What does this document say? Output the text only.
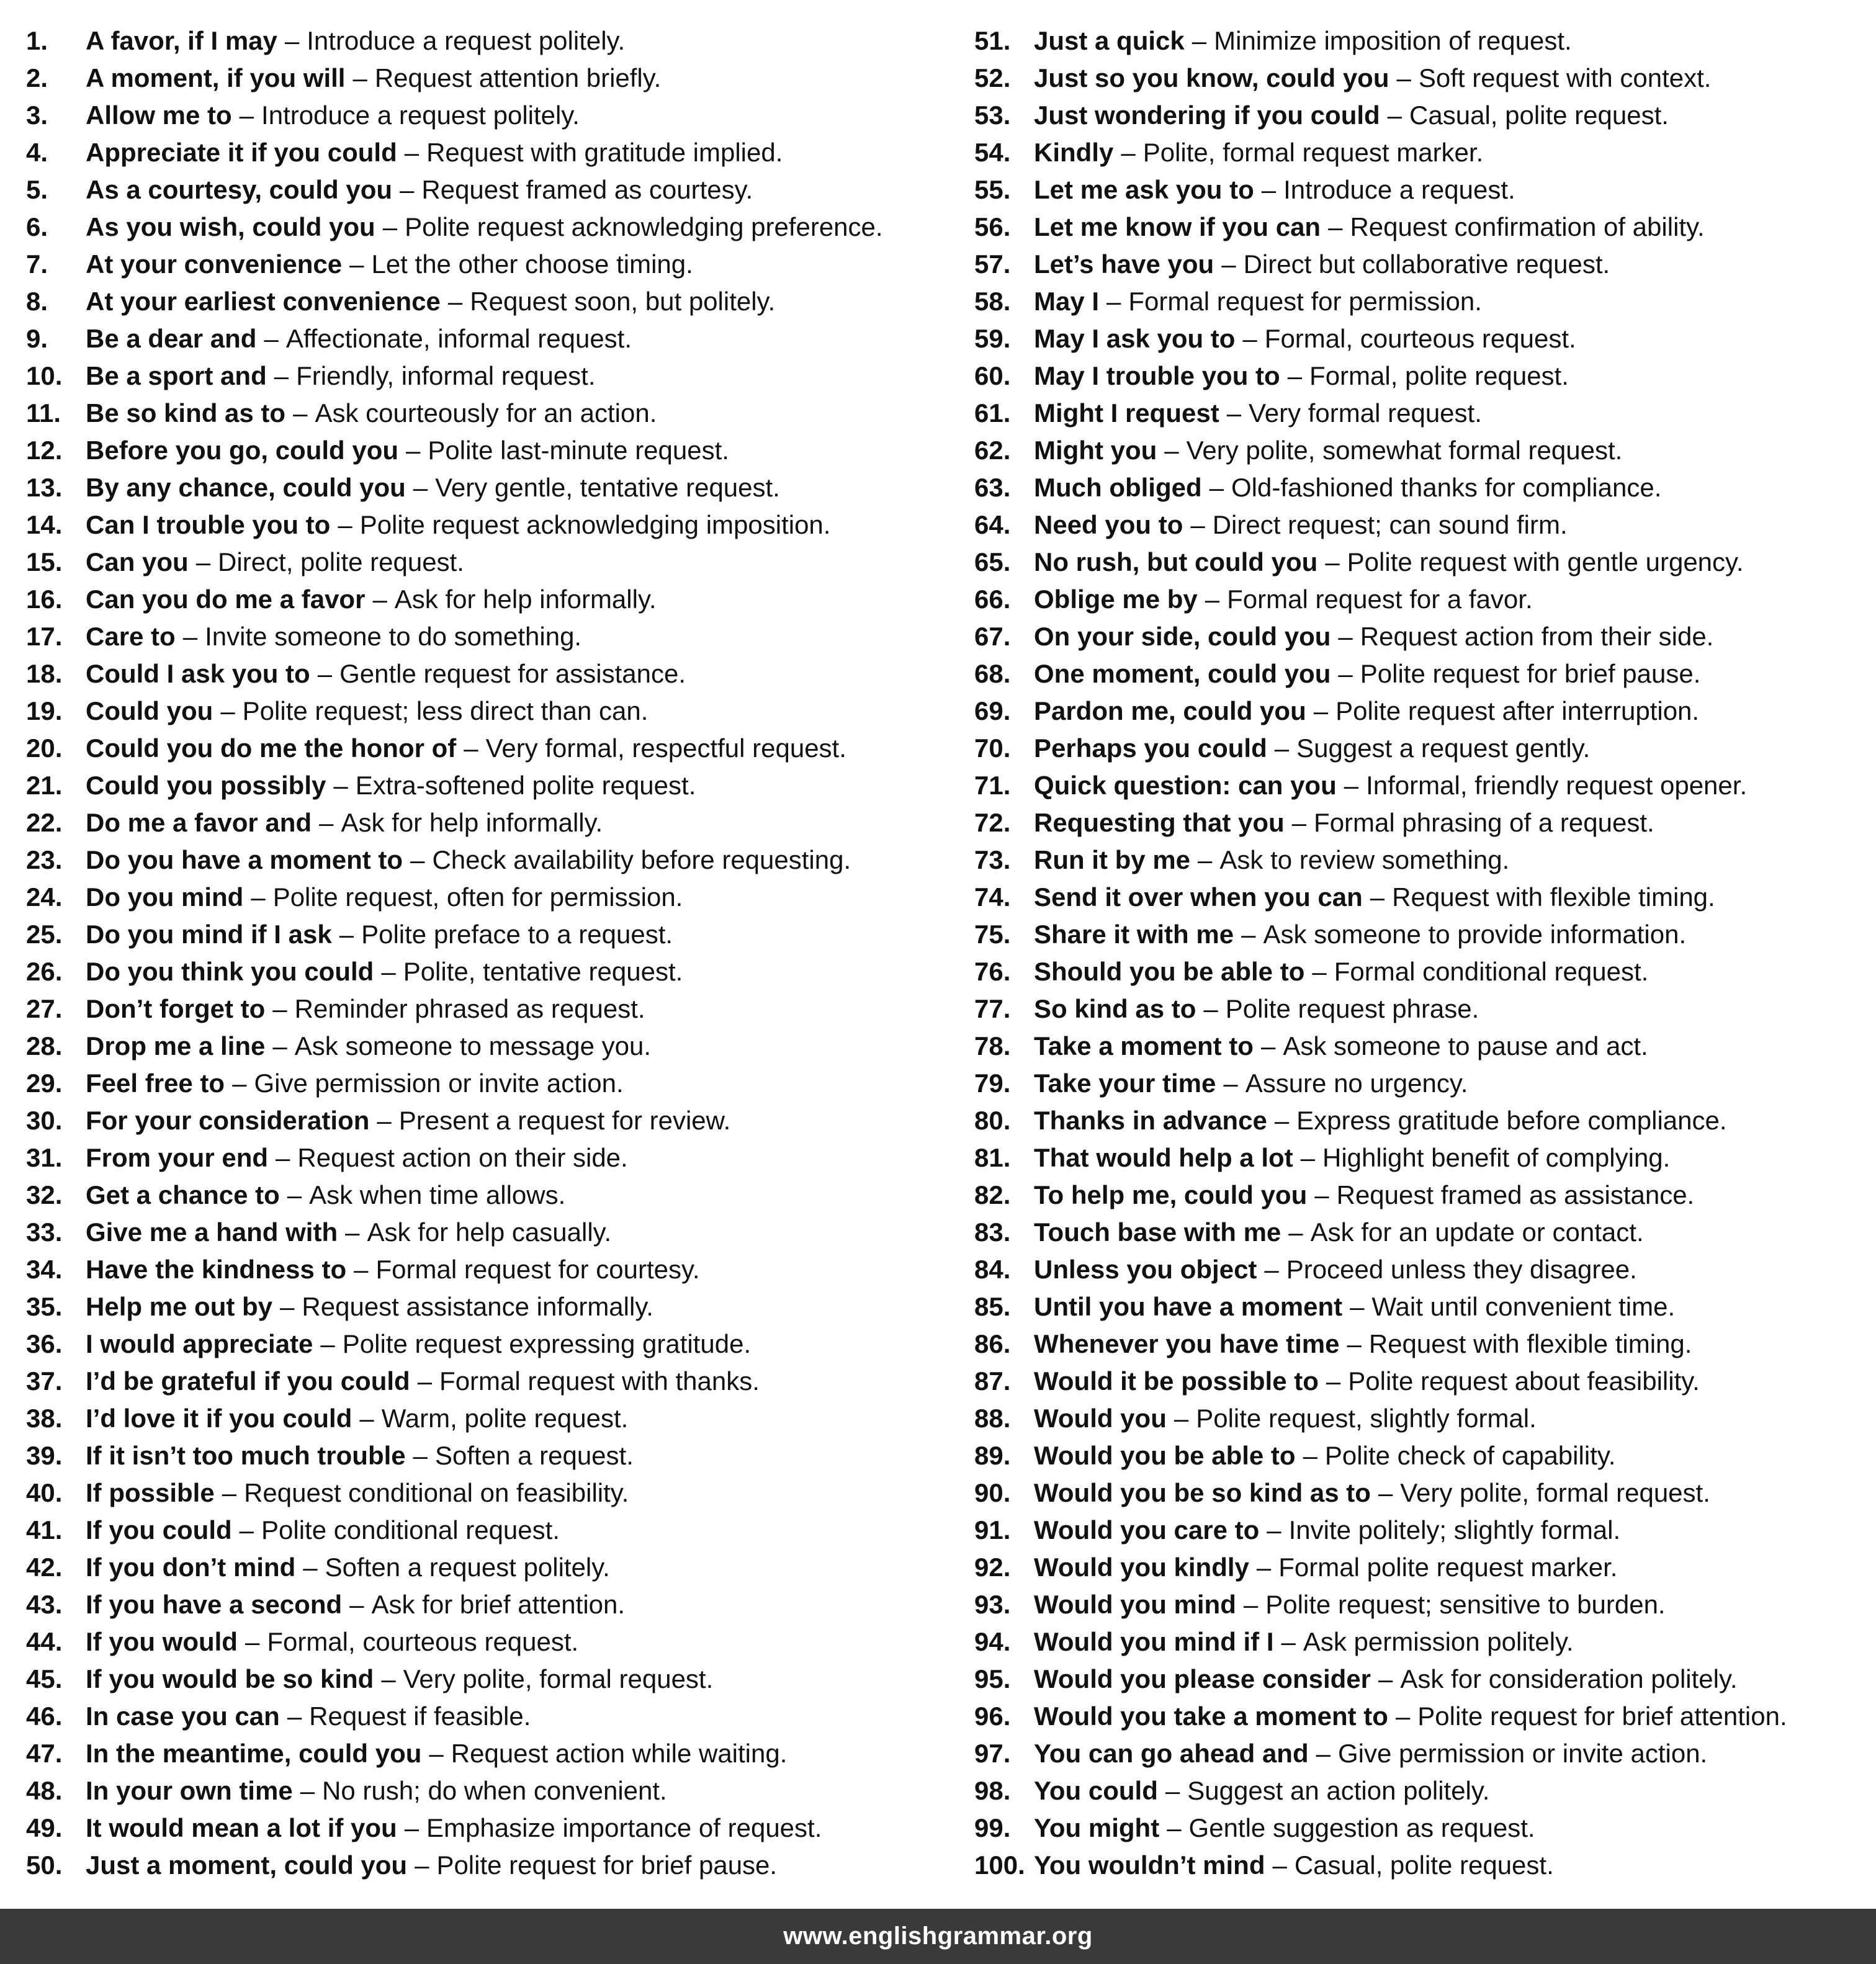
1.	A favor, if I may – Introduce a request politely.
2.	A moment, if you will – Request attention briefly.
3.	Allow me to – Introduce a request politely.
4.	Appreciate it if you could – Request with gratitude implied.
5.	As a courtesy, could you – Request framed as courtesy.
6.	As you wish, could you – Polite request acknowledging preference.
7.	At your convenience – Let the other choose timing.
8.	At your earliest convenience – Request soon, but politely.
9.	Be a dear and – Affectionate, informal request.
10. Be a sport and – Friendly, informal request.
11. Be so kind as to – Ask courteously for an action.
12. Before you go, could you – Polite last-minute request.
13. By any chance, could you – Very gentle, tentative request.
14. Can I trouble you to – Polite request acknowledging imposition.
15. Can you – Direct, polite request.
16. Can you do me a favor – Ask for help informally.
17. Care to – Invite someone to do something.
18. Could I ask you to – Gentle request for assistance.
19. Could you – Polite request; less direct than can.
20. Could you do me the honor of – Very formal, respectful request.
21. Could you possibly – Extra-softened polite request.
22. Do me a favor and – Ask for help informally.
23. Do you have a moment to – Check availability before requesting.
24. Do you mind – Polite request, often for permission.
25. Do you mind if I ask – Polite preface to a request.
26. Do you think you could – Polite, tentative request.
27. Don’t forget to – Reminder phrased as request.
28. Drop me a line – Ask someone to message you.
29. Feel free to – Give permission or invite action.
30. For your consideration – Present a request for review.
31. From your end – Request action on their side.
32. Get a chance to – Ask when time allows.
33. Give me a hand with – Ask for help casually.
34. Have the kindness to – Formal request for courtesy.
35. Help me out by – Request assistance informally.
36. I would appreciate – Polite request expressing gratitude.
37. I’d be grateful if you could – Formal request with thanks.
38. I’d love it if you could – Warm, polite request.
39. If it isn’t too much trouble – Soften a request.
40. If possible – Request conditional on feasibility.
41. If you could – Polite conditional request.
42. If you don’t mind – Soften a request politely.
43. If you have a second – Ask for brief attention.
44. If you would – Formal, courteous request.
45. If you would be so kind – Very polite, formal request.
46. In case you can – Request if feasible.
47. In the meantime, could you – Request action while waiting.
48. In your own time – No rush; do when convenient.
49. It would mean a lot if you – Emphasize importance of request.
50. Just a moment, could you – Polite request for brief pause.
51. Just a quick – Minimize imposition of request.
52. Just so you know, could you – Soft request with context.
53. Just wondering if you could – Casual, polite request.
54. Kindly – Polite, formal request marker.
55. Let me ask you to – Introduce a request.
56. Let me know if you can – Request confirmation of ability.
57. Let’s have you – Direct but collaborative request.
58. May I – Formal request for permission.
59. May I ask you to – Formal, courteous request.
60. May I trouble you to – Formal, polite request.
61. Might I request – Very formal request.
62. Might you – Very polite, somewhat formal request.
63. Much obliged – Old-fashioned thanks for compliance.
64. Need you to – Direct request; can sound firm.
65. No rush, but could you – Polite request with gentle urgency.
66. Oblige me by – Formal request for a favor.
67. On your side, could you – Request action from their side.
68. One moment, could you – Polite request for brief pause.
69. Pardon me, could you – Polite request after interruption.
70. Perhaps you could – Suggest a request gently.
71. Quick question: can you – Informal, friendly request opener.
72. Requesting that you – Formal phrasing of a request.
73. Run it by me – Ask to review something.
74. Send it over when you can – Request with flexible timing.
75. Share it with me – Ask someone to provide information.
76. Should you be able to – Formal conditional request.
77. So kind as to – Polite request phrase.
78. Take a moment to – Ask someone to pause and act.
79. Take your time – Assure no urgency.
80. Thanks in advance – Express gratitude before compliance.
81. That would help a lot – Highlight benefit of complying.
82. To help me, could you – Request framed as assistance.
83. Touch base with me – Ask for an update or contact.
84. Unless you object – Proceed unless they disagree.
85. Until you have a moment – Wait until convenient time.
86. Whenever you have time – Request with flexible timing.
87. Would it be possible to – Polite request about feasibility.
88. Would you – Polite request, slightly formal.
89. Would you be able to – Polite check of capability.
90. Would you be so kind as to – Very polite, formal request.
91. Would you care to – Invite politely; slightly formal.
92. Would you kindly – Formal polite request marker.
93. Would you mind – Polite request; sensitive to burden.
94. Would you mind if I – Ask permission politely.
95. Would you please consider – Ask for consideration politely.
96. Would you take a moment to – Polite request for brief attention.
97. You can go ahead and – Give permission or invite action.
98. You could – Suggest an action politely.
99. You might – Gentle suggestion as request.
100. You wouldn’t mind – Casual, polite request.
www.englishgrammar.org
